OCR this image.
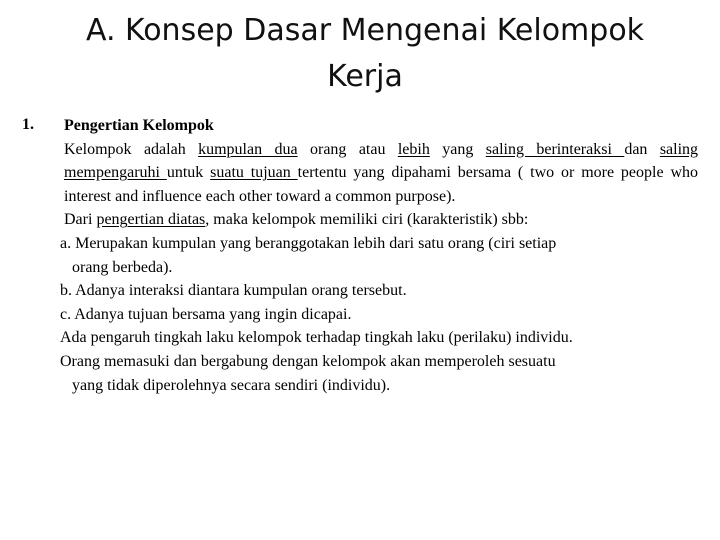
A. Konsep Dasar Mengenai Kelompok
Kerja
1.	Pengertian Kelompok
Kelompok adalah kumpulan dua orang atau lebih yang saling berinteraksi dan saling mempengaruhi untuk suatu tujuan tertentu yang dipahami bersama ( two or more people who interest and influence each other toward a common purpose).
Dari pengertian diatas, maka kelompok memiliki ciri (karakteristik) sbb:
a. Merupakan kumpulan yang beranggotakan lebih dari satu orang (ciri setiap
orang berbeda).
b. Adanya interaksi diantara kumpulan orang tersebut.
c. Adanya tujuan bersama yang ingin dicapai.
Ada pengaruh tingkah laku kelompok terhadap tingkah laku (perilaku) individu.
Orang memasuki dan bergabung dengan kelompok akan memperoleh sesuatu
yang tidak diperolehnya secara sendiri (individu).
